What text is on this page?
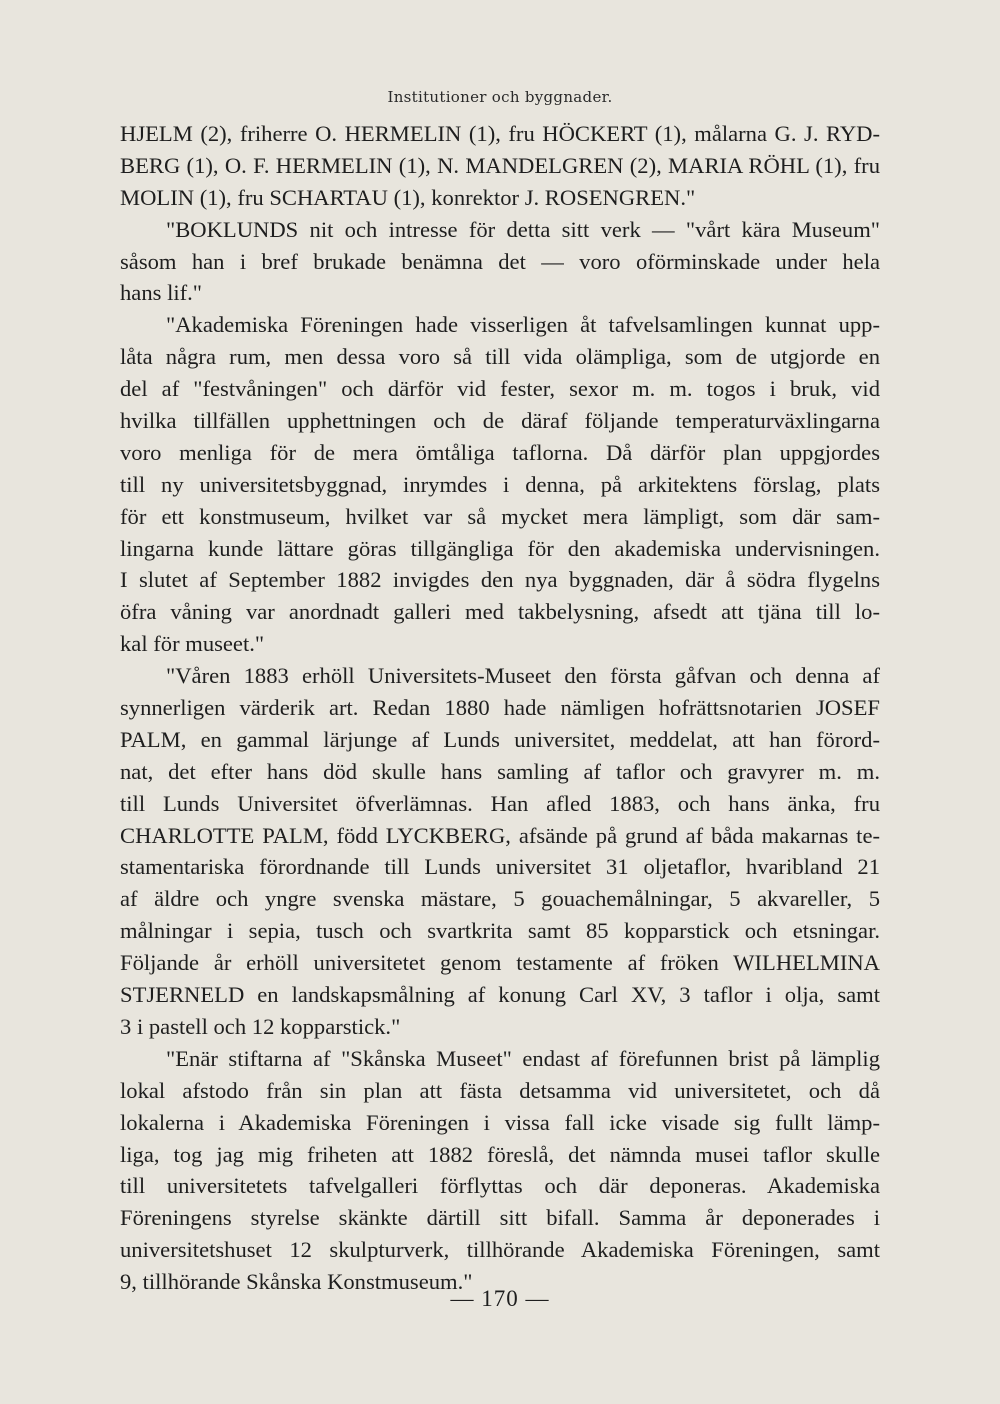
Institutioner och byggnader.
HJELM (2), friherre O. HERMELIN (1), fru HÖCKERT (1), målarna G. J. RYD-
BERG (1), O. F. HERMELIN (1), N. MANDELGREN (2), MARIA RÖHL (1), fru
MOLIN (1), fru SCHARTAU (1), konrektor J. ROSENGREN."
"BOKLUNDS nit och intresse för detta sitt verk — "vårt kära Museum"
såsom han i bref brukade benämna det — voro oförminskade under hela
hans lif."
"Akademiska Föreningen hade visserligen åt tafvelsamlingen kunnat upp-
låta några rum, men dessa voro så till vida olämpliga, som de utgjorde en
del af "festvåningen" och därför vid fester, sexor m. m. togos i bruk, vid
hvilka tillfällen upphettningen och de däraf följande temperaturväxlingarna
voro menliga för de mera ömtåliga taflorna. Då därför plan uppgjordes
till ny universitetsbyggnad, inrymdes i denna, på arkitektens förslag, plats
för ett konstmuseum, hvilket var så mycket mera lämpligt, som där sam-
lingarna kunde lättare göras tillgängliga för den akademiska undervisningen.
I slutet af September 1882 invigdes den nya byggnaden, där å södra flygelns
öfra våning var anordnadt galleri med takbelysning, afsedt att tjäna till lo-
kal för museet."
"Våren 1883 erhöll Universitets-Museet den första gåfvan och denna af
synnerligen värderik art. Redan 1880 hade nämligen hofrättsnotarien JOSEF
PALM, en gammal lärjunge af Lunds universitet, meddelat, att han förord-
nat, det efter hans död skulle hans samling af taflor och gravyrer m. m.
till Lunds Universitet öfverlämnas. Han afled 1883, och hans änka, fru
CHARLOTTE PALM, född LYCKBERG, afsände på grund af båda makarnas te-
stamentariska förordnande till Lunds universitet 31 oljetaflor, hvaribland 21
af äldre och yngre svenska mästare, 5 gouachemålningar, 5 akvareller, 5
målningar i sepia, tusch och svartkrita samt 85 kopparstick och etsningar.
Följande år erhöll universitetet genom testamente af fröken WILHELMINA
STJERNELD en landskapsmålning af konung Carl XV, 3 taflor i olja, samt
3 i pastell och 12 kopparstick."
"Enär stiftarna af "Skånska Museet" endast af förefunnen brist på lämplig
lokal afstodo från sin plan att fästa detsamma vid universitetet, och då
lokalerna i Akademiska Föreningen i vissa fall icke visade sig fullt lämp-
liga, tog jag mig friheten att 1882 föreslå, det nämnda musei taflor skulle
till universitetets tafvelgalleri förflyttas och där deponeras. Akademiska
Föreningens styrelse skänkte därtill sitt bifall. Samma år deponerades i
universitetshuset 12 skulpturverk, tillhörande Akademiska Föreningen, samt
9, tillhörande Skånska Konstmuseum."
— 170 —
